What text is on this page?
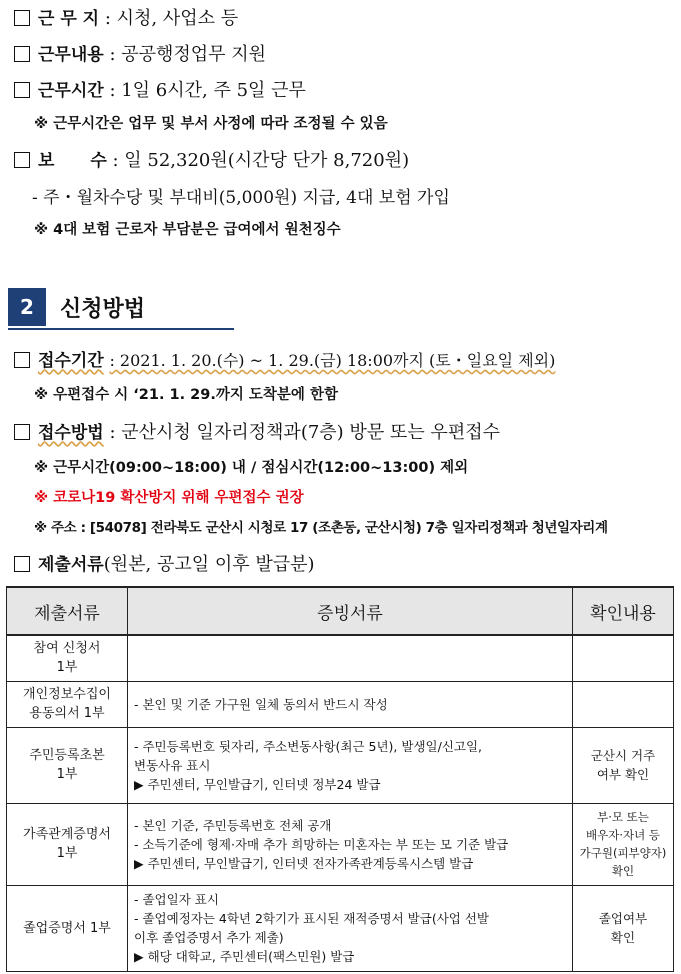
근 무 지 : 시청, 사업소 등
근무내용 : 공공행정업무 지원
근무시간 : 1일 6시간, 주 5일 근무
※ 근무시간은 업무 및 부서 사정에 따라 조정될 수 있음
보 수 : 일 52,320원(시간당 단가 8,720원)
- 주・월차수당 및 부대비(5,000원) 지급, 4대 보험 가입
※ 4대 보험 근로자 부담분은 급여에서 원천징수
2	신청방법
접수기간 : 2021. 1. 20.(수) ~ 1. 29.(금) 18:00까지 (토・일요일 제외)
※ 우편접수 시 ‘21. 1. 29.까지 도착분에 한함
접수방법 : 군산시청 일자리정책과(7층) 방문 또는 우편접수
※ 근무시간(09:00~18:00) 내 / 점심시간(12:00~13:00) 제외
※ 코로나19 확산방지 위해 우편접수 권장
※ 주소 : [54078] 전라북도 군산시 시청로 17 (조촌동, 군산시청) 7층 일자리정책과 청년일자리계
제출서류(원본, 공고일 이후 발급분)
제출서류	증빙서류	확인내용

참여 신청서
1부		

개인정보수집이
용동의서 1부	- 본인 및 기준 가구원 일체 동의서 반드시 작성	

주민등록초본
1부	- 주민등록번호 뒷자리, 주소변동사항(최근 5년), 발생일/신고일,
변동사유 표시
▶ 주민센터, 무인발급기, 인터넷 정부24 발급	군산시 거주
여부 확인

가족관계증명서
1부	- 본인 기준, 주민등록번호 전체 공개
- 소득기준에 형제·자매 추가 희망하는 미혼자는 부 또는 모 기준 발급
▶ 주민센터, 무인발급기, 인터넷 전자가족관계등록시스템 발급	부·모 또는
배우자·자녀 등
가구원(피부양자)
확인

졸업증명서 1부	- 졸업일자 표시
- 졸업예정자는 4학년 2학기가 표시된 재적증명서 발급(사업 선발
이후 졸업증명서 추가 제출)
▶ 해당 대학교, 주민센터(팩스민원) 발급	졸업여부
확인
